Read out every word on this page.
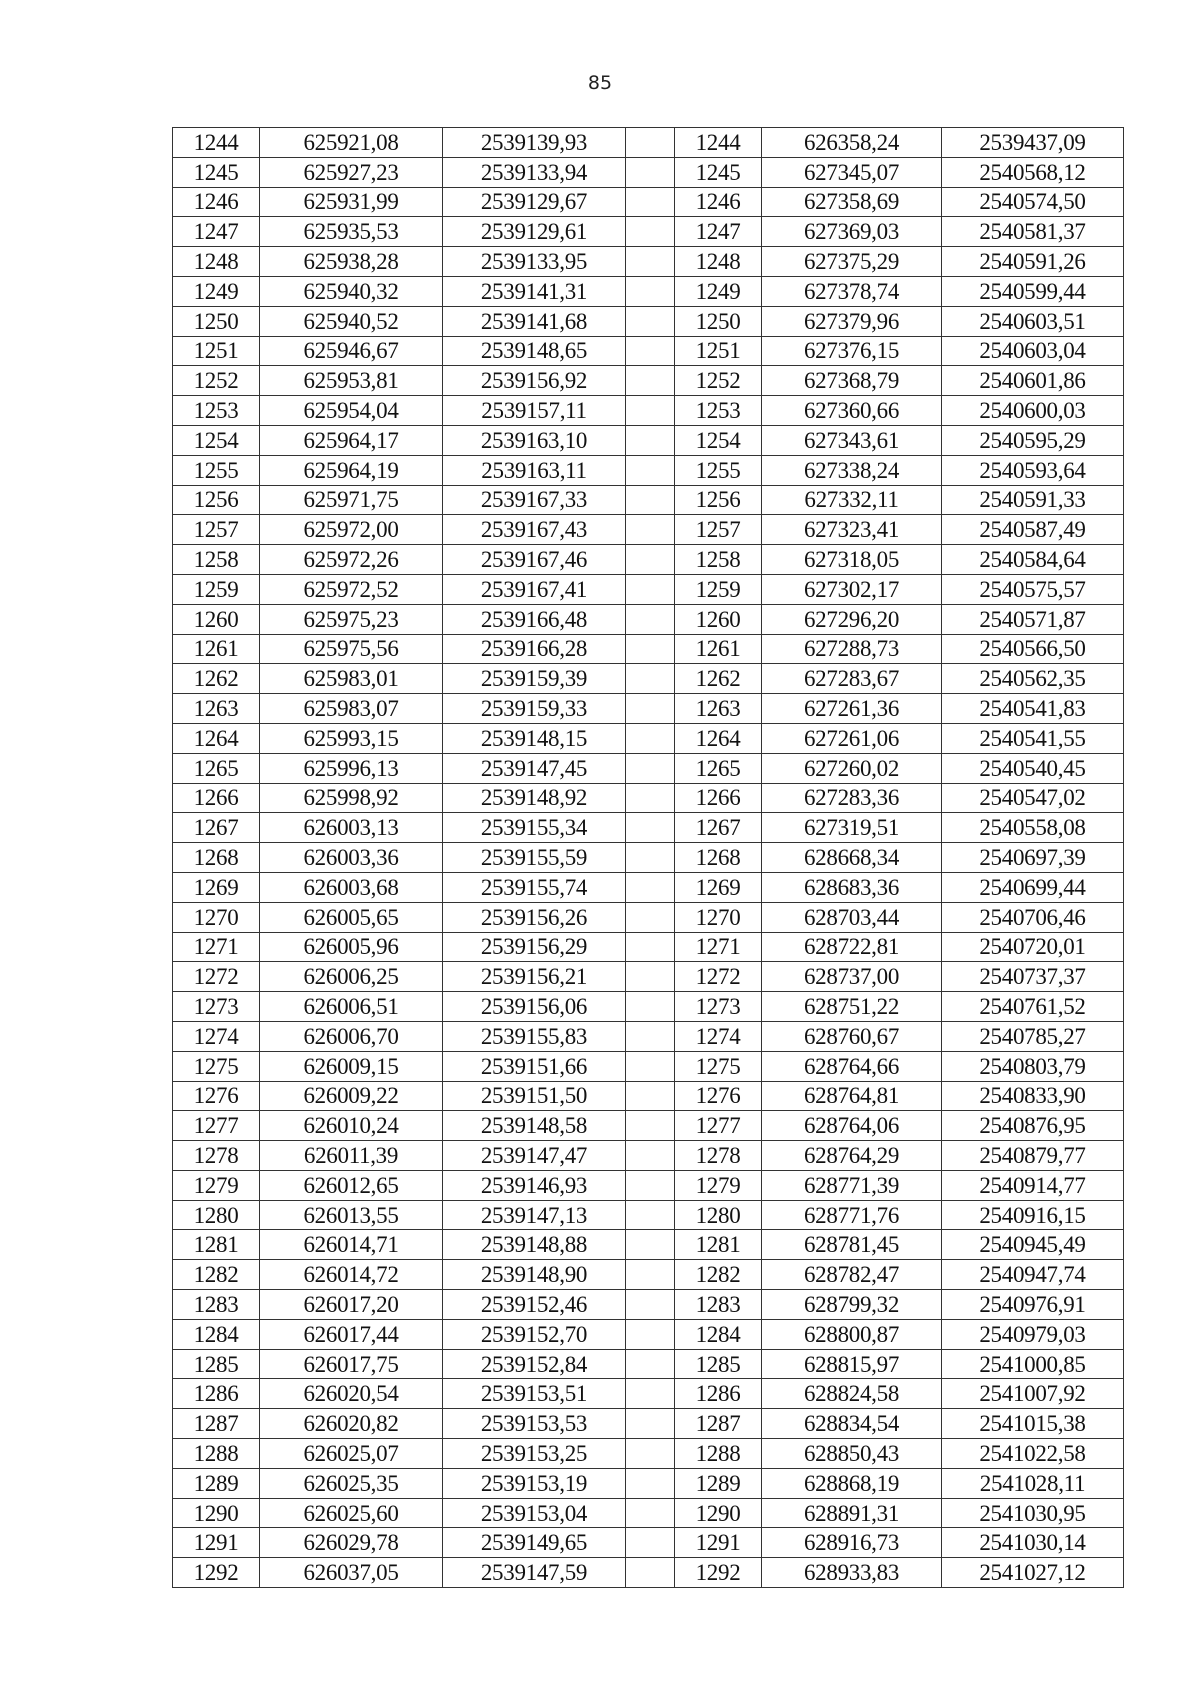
85
1244	625921,08	2539139,93		1244	626358,24	2539437,09
1245	625927,23	2539133,94		1245	627345,07	2540568,12
1246	625931,99	2539129,67		1246	627358,69	2540574,50
1247	625935,53	2539129,61		1247	627369,03	2540581,37
1248	625938,28	2539133,95		1248	627375,29	2540591,26
1249	625940,32	2539141,31		1249	627378,74	2540599,44
1250	625940,52	2539141,68		1250	627379,96	2540603,51
1251	625946,67	2539148,65		1251	627376,15	2540603,04
1252	625953,81	2539156,92		1252	627368,79	2540601,86
1253	625954,04	2539157,11		1253	627360,66	2540600,03
1254	625964,17	2539163,10		1254	627343,61	2540595,29
1255	625964,19	2539163,11		1255	627338,24	2540593,64
1256	625971,75	2539167,33		1256	627332,11	2540591,33
1257	625972,00	2539167,43		1257	627323,41	2540587,49
1258	625972,26	2539167,46		1258	627318,05	2540584,64
1259	625972,52	2539167,41		1259	627302,17	2540575,57
1260	625975,23	2539166,48		1260	627296,20	2540571,87
1261	625975,56	2539166,28		1261	627288,73	2540566,50
1262	625983,01	2539159,39		1262	627283,67	2540562,35
1263	625983,07	2539159,33		1263	627261,36	2540541,83
1264	625993,15	2539148,15		1264	627261,06	2540541,55
1265	625996,13	2539147,45		1265	627260,02	2540540,45
1266	625998,92	2539148,92		1266	627283,36	2540547,02
1267	626003,13	2539155,34		1267	627319,51	2540558,08
1268	626003,36	2539155,59		1268	628668,34	2540697,39
1269	626003,68	2539155,74		1269	628683,36	2540699,44
1270	626005,65	2539156,26		1270	628703,44	2540706,46
1271	626005,96	2539156,29		1271	628722,81	2540720,01
1272	626006,25	2539156,21		1272	628737,00	2540737,37
1273	626006,51	2539156,06		1273	628751,22	2540761,52
1274	626006,70	2539155,83		1274	628760,67	2540785,27
1275	626009,15	2539151,66		1275	628764,66	2540803,79
1276	626009,22	2539151,50		1276	628764,81	2540833,90
1277	626010,24	2539148,58		1277	628764,06	2540876,95
1278	626011,39	2539147,47		1278	628764,29	2540879,77
1279	626012,65	2539146,93		1279	628771,39	2540914,77
1280	626013,55	2539147,13		1280	628771,76	2540916,15
1281	626014,71	2539148,88		1281	628781,45	2540945,49
1282	626014,72	2539148,90		1282	628782,47	2540947,74
1283	626017,20	2539152,46		1283	628799,32	2540976,91
1284	626017,44	2539152,70		1284	628800,87	2540979,03
1285	626017,75	2539152,84		1285	628815,97	2541000,85
1286	626020,54	2539153,51		1286	628824,58	2541007,92
1287	626020,82	2539153,53		1287	628834,54	2541015,38
1288	626025,07	2539153,25		1288	628850,43	2541022,58
1289	626025,35	2539153,19		1289	628868,19	2541028,11
1290	626025,60	2539153,04		1290	628891,31	2541030,95
1291	626029,78	2539149,65		1291	628916,73	2541030,14
1292	626037,05	2539147,59		1292	628933,83	2541027,12
